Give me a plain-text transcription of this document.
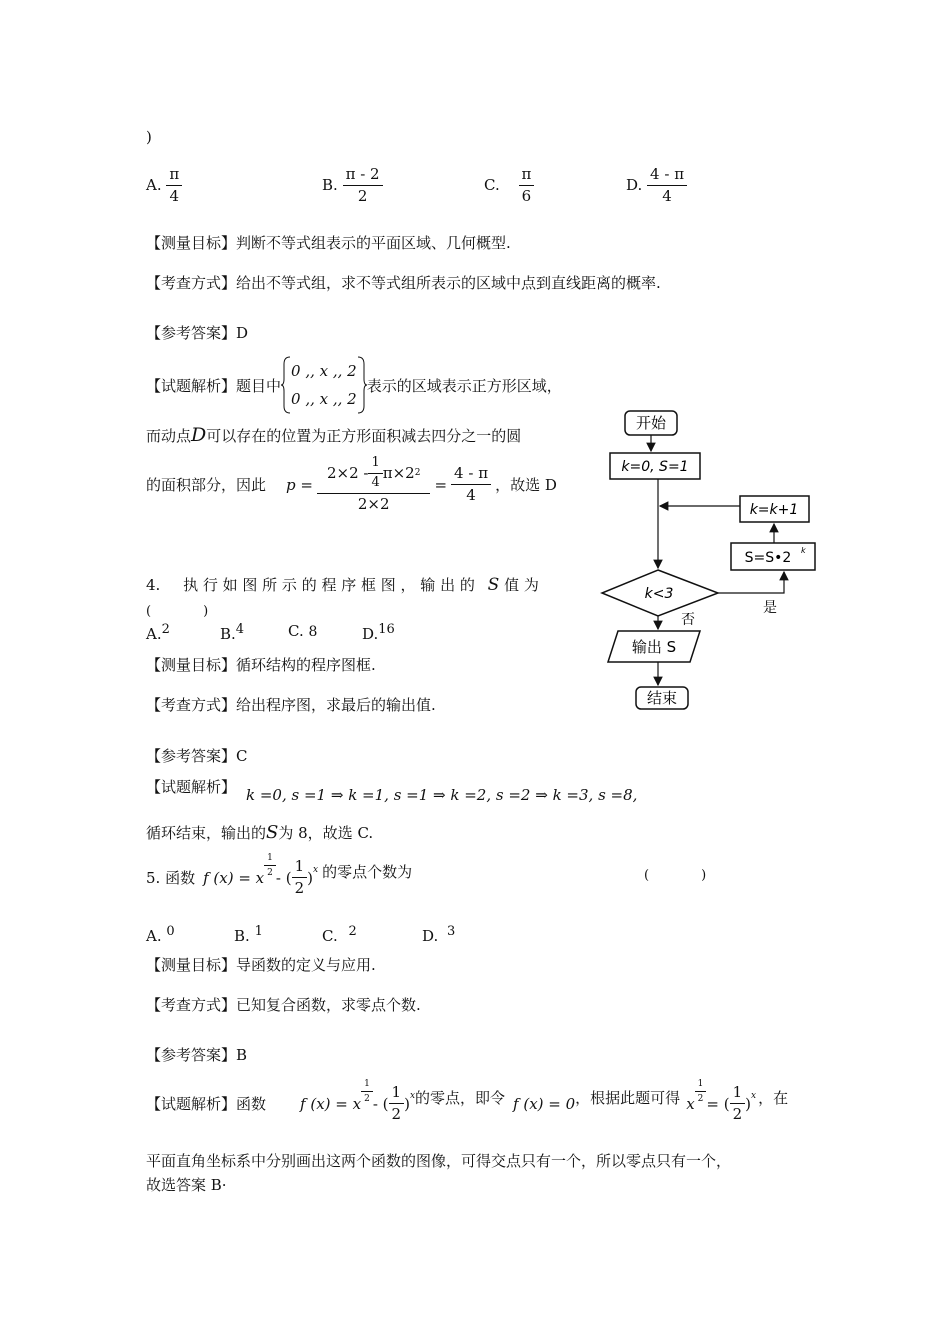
)
A. $\frac{\pi}{4}$	B. $\frac{\pi - 2}{2}$	C. $\frac{\pi}{6}$	D. $\frac{4 - \pi}{4}$
【测量目标】判断不等式组表示的平面区域、几何概型.
【考查方式】给出不等式组，求不等式组所表示的区域中点到直线距离的概率.
【参考答案】D
【试题解析】 题目中
0 ,, x ,, 2
0 ,, x ,, 2
表示的区域表示正方形区域，
而动点D可以存在的位置为正方形面积减去四分之一的圆
的面积部分，因此 $p = \frac{2\times 2 - \frac{1}{4} \pi\times 2 2}{2\times 2} = \frac{4 - \pi}{4}$ ，故选 D
开始
k=0, S=1
k=k+1
S=S•2 k
k<3
是
否
输出 S
结束
4. 执 行 如 图 所 示 的 程 序 框 图 ， 输 出 的 S 值 为
(　　　　)
A.$^2$	B.$^4$	C. 8	D.$^{16}$
【测量目标】循环结构的程序图框.
【考查方式】给出程序图，求最后的输出值.
【参考答案】C
【试题解析】 k =0, s =1 ⇒ k =1, s =1 ⇒ k =2, s =2 ⇒ k =3, s =8,
循环结束，输出的S为 8，故选 C.
5. 函数 f (x) = x $\frac{1}{2}$ - ( $\frac{1}{2} )^x$ 的零点个数为	(　　　　)
A. $^0$	B. $^1$	C. $^2$	D. $^3$
【测量目标】导函数的定义与应用.
【考查方式】已知复合函数，求零点个数.
【参考答案】B
【试题解析】 函数 f (x) = x $\frac{1}{2}$ - ( $\frac{1}{2} )^x$ 的零点，即令 f (x) = 0 ，根据此题可得 x $\frac{1}{2}$ = ( $\frac{1}{2} )^x$ ，在
平面直角坐标系中分别画出这两个函数的图像，可得交点只有一个，所以零点只有一个，
故选答案 B·
